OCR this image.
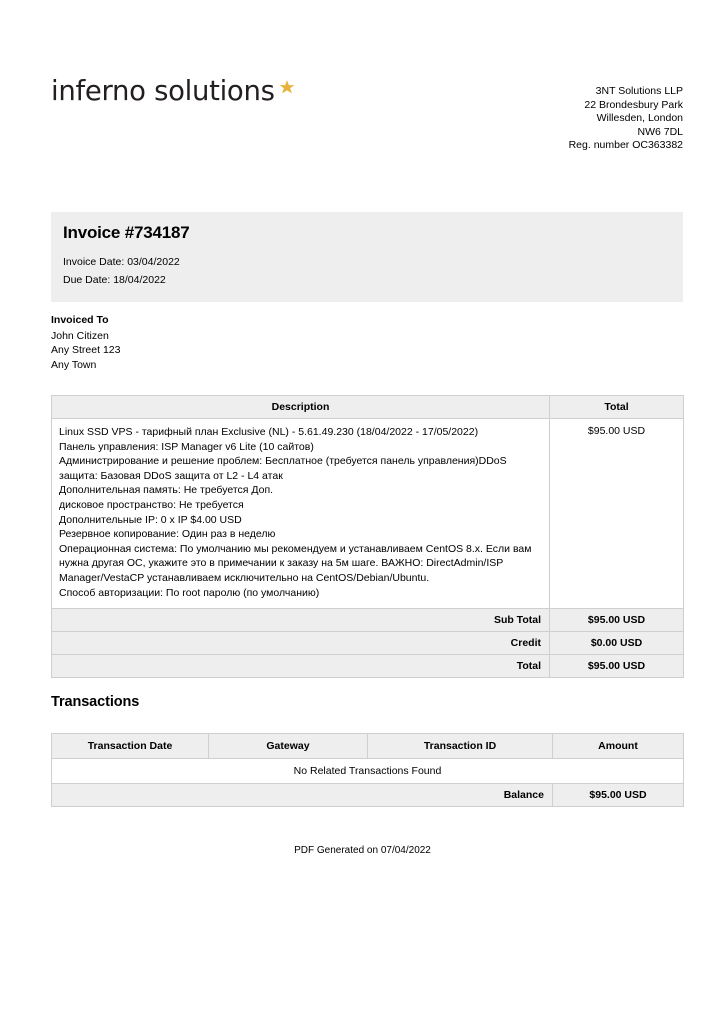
inferno solutions	3NT Solutions LLP
22 Brondesbury Park
Willesden, London
NW6 7DL
Reg. number OC363382
Invoice #734187
Invoice Date: 03/04/2022
Due Date: 18/04/2022
Invoiced To
John Citizen
Any Street 123
Any Town
Description	Total

Linux SSD VPS - тарифный план Exclusive (NL) - 5.61.49.230 (18/04/2022 - 17/05/2022)
Панель управления: ISP Manager v6 Lite (10 сайтов)
Администрирование и решение проблем: Бесплатное (требуется панель управления)DDoS
защита: Базовая DDoS защита от L2 - L4 атак
Дополнительная память: Не требуется Доп.
дисковое пространство: Не требуется
Дополнительные IP: 0 x IP $4.00 USD
Резервное копирование: Один раз в неделю
Операционная система: По умолчанию мы рекомендуем и устанавливаем CentOS 8.x. Если вам
нужна другая ОС, укажите это в примечании к заказу на 5м шаге. ВАЖНО: DirectAdmin/ISP
Manager/VestaCP устанавливаем исключительно на CentOS/Debian/Ubuntu.
Способ авторизации: По root паролю (по умолчанию)
	$95.00 USD
Sub Total	$95.00 USD
Credit	$0.00 USD
Total	$95.00 USD
Transactions
Transaction Date	Gateway	Transaction ID	Amount
No Related Transactions Found			
Balance			$95.00 USD
PDF Generated on 07/04/2022
